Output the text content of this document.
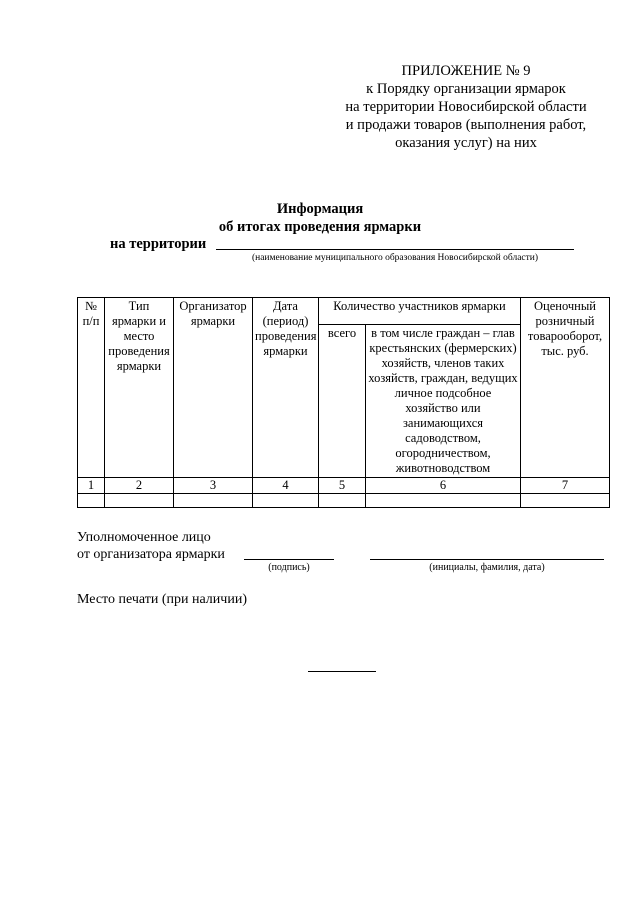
ПРИЛОЖЕНИЕ № 9
к Порядку организации ярмарок
на территории Новосибирской области
и продажи товаров (выполнения работ,
оказания услуг) на них
Информация
об итогах проведения ярмарки
на территории
(наименование муниципального образования Новосибирской области)
№ п/п	Тип ярмарки и место проведения ярмарки	Организатор ярмарки	Дата (период) проведения ярмарки	Количество участников ярмарки		Оценочный розничный товарооборот, тыс. руб.
				всего	в том числе граждан – глав крестьянских (фермерских) хозяйств, членов таких хозяйств, граждан, ведущих личное подсобное хозяйство или занимающихся садоводством, огородничеством, животноводством	
1	2	3	4	5	6	7

Уполномоченное лицо
от организатора ярмарки
(подпись)	(инициалы, фамилия, дата)
Место печати (при наличии)
